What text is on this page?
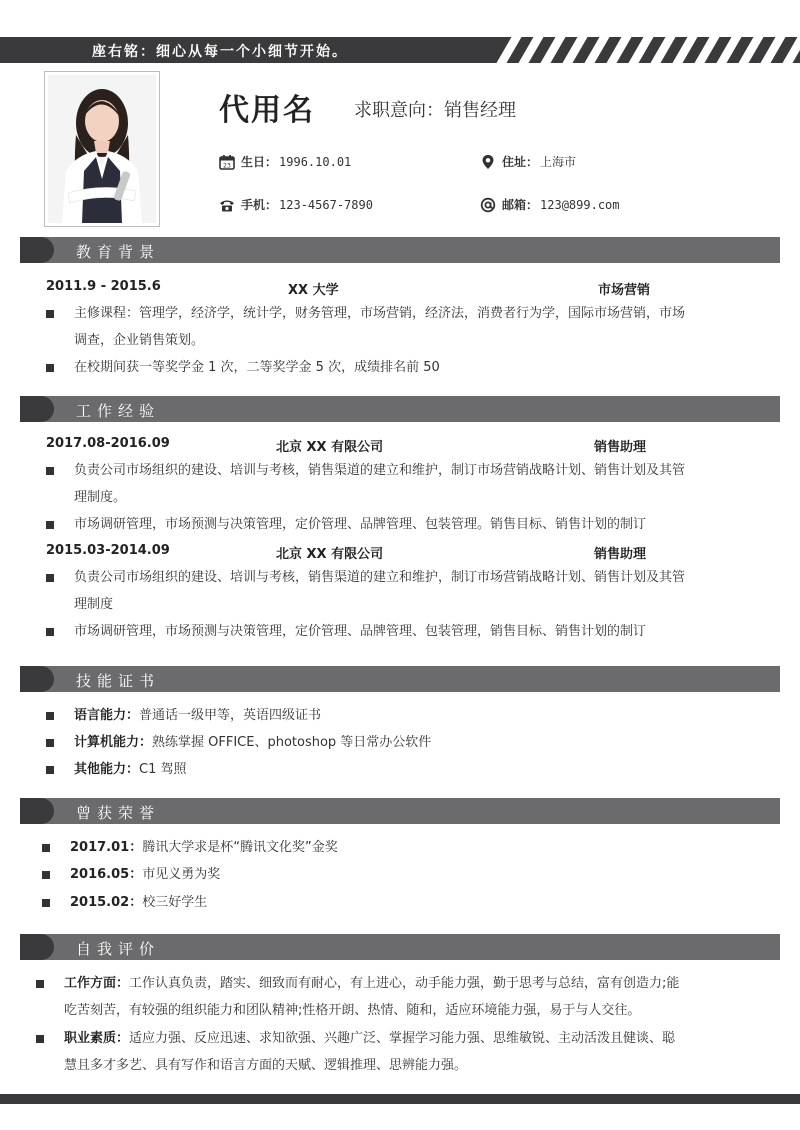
座右铭：细心从每一个小细节开始。
代用名 求职意向：销售经理
23 生日： 1996.10.01	住址： 上海市
手机： 123-4567-7890	邮箱： 123@899.com
教育背景
2011.9 - 2015.6	XX 大学	市场营销
主修课程：管理学，经济学，统计学，财务管理，市场营销，经济法，消费者行为学，国际市场营销，市场
调查，企业销售策划。
在校期间获一等奖学金 1 次，二等奖学金 5 次，成绩排名前 50
工作经验
2017.08-2016.09	北京 XX 有限公司	销售助理
负责公司市场组织的建设、培训与考核，销售渠道的建立和维护，制订市场营销战略计划、销售计划及其管
理制度。
市场调研管理，市场预测与决策管理，定价管理、品牌管理、包装管理。销售目标、销售计划的制订
2015.03-2014.09	北京 XX 有限公司	销售助理
负责公司市场组织的建设、培训与考核，销售渠道的建立和维护，制订市场营销战略计划、销售计划及其管
理制度
市场调研管理，市场预测与决策管理，定价管理、品牌管理、包装管理，销售目标、销售计划的制订
技能证书
语言能力：普通话一级甲等，英语四级证书
计算机能力：熟练掌握 OFFICE、photoshop 等日常办公软件
其他能力：C1 驾照
曾获荣誉
2017.01：腾讯大学求是杯“腾讯文化奖”金奖
2016.05：市见义勇为奖
2015.02：校三好学生
自我评价
工作方面：工作认真负责，踏实、细致而有耐心，有上进心，动手能力强，勤于思考与总结，富有创造力;能
吃苦刻苦，有较强的组织能力和团队精神;性格开朗、热情、随和，适应环境能力强，易于与人交往。
职业素质：适应力强、反应迅速、求知欲强、兴趣广泛、掌握学习能力强、思维敏锐、主动活泼且健谈、聪
慧且多才多艺、具有写作和语言方面的天赋、逻辑推理、思辨能力强。
